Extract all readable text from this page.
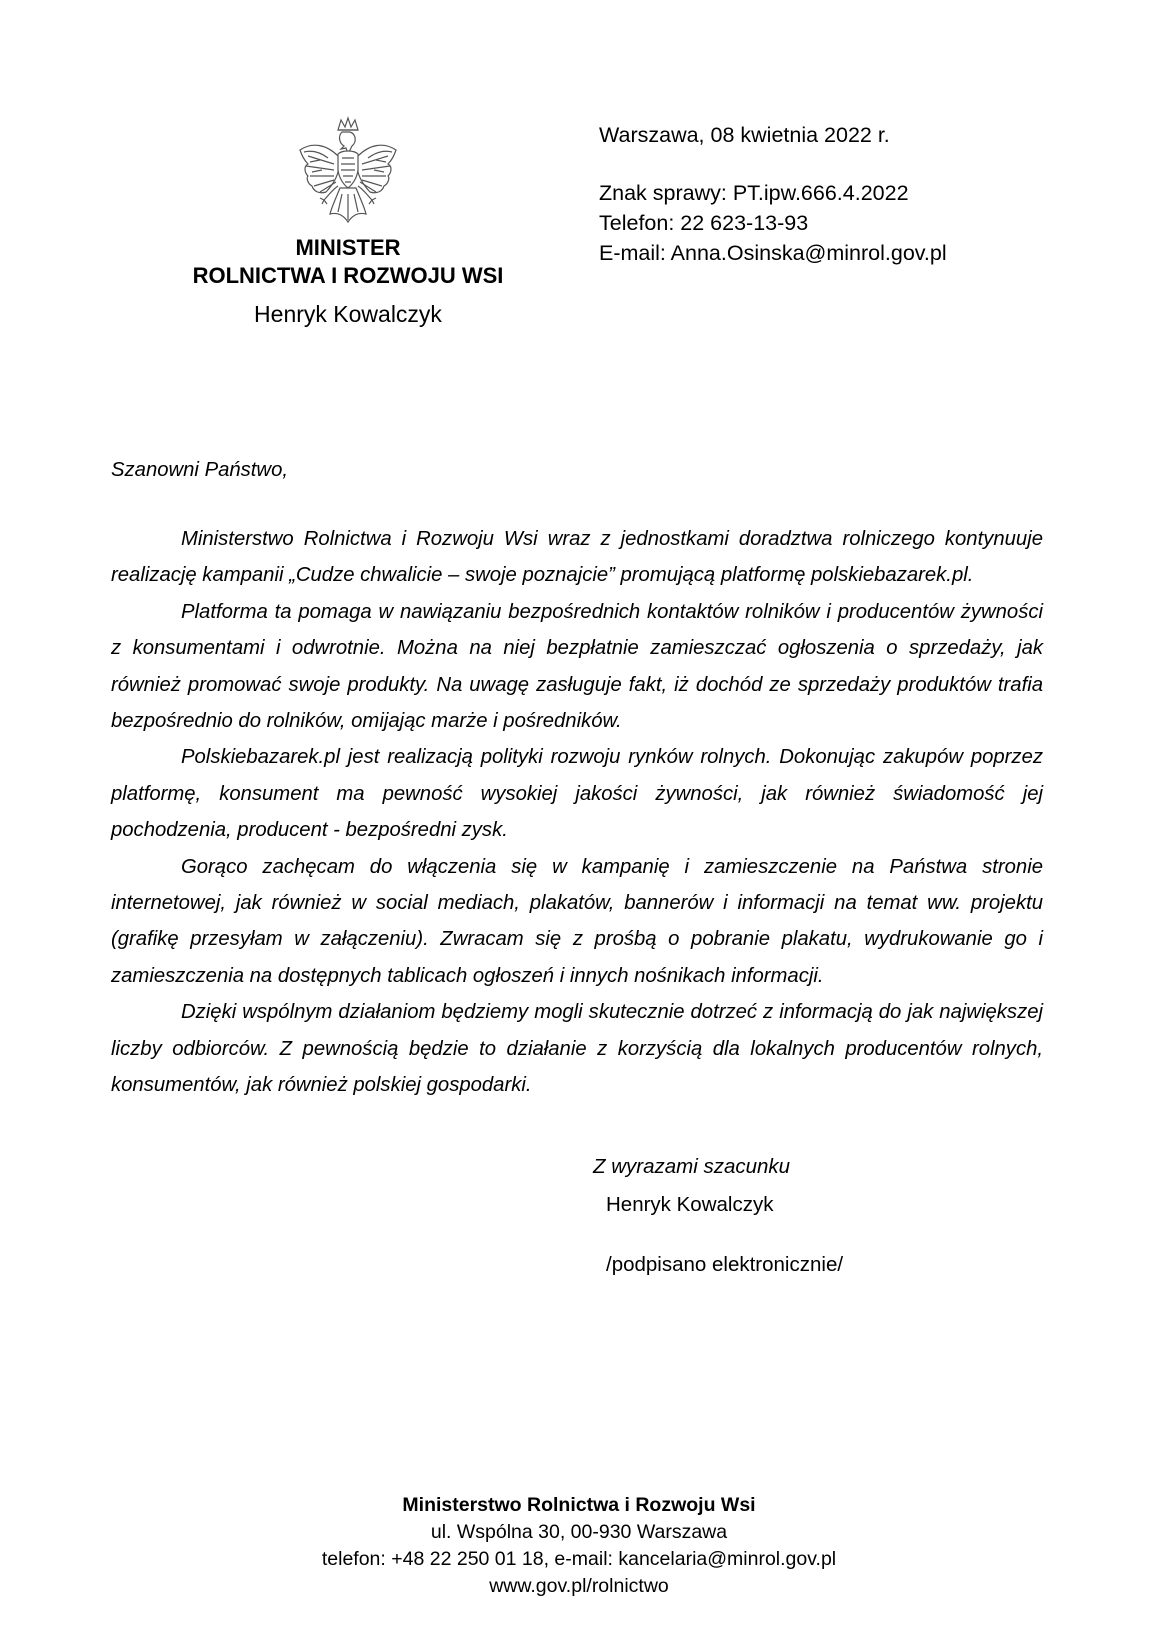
MINISTER
ROLNICTWA I ROZWOJU WSI
Henryk Kowalczyk
Warszawa, 08 kwietnia 2022 r.
Znak sprawy: PT.ipw.666.4.2022
Telefon: 22 623-13-93
E-mail: Anna.Osinska@minrol.gov.pl
Szanowni Państwo,

Ministerstwo Rolnictwa i Rozwoju Wsi wraz z jednostkami doradztwa rolniczego kontynuuje realizację kampanii „Cudze chwalicie – swoje poznajcie” promującą platformę polskiebazarek.pl.

Platforma ta pomaga w nawiązaniu bezpośrednich kontaktów rolników i producentów żywności z konsumentami i odwrotnie. Można na niej bezpłatnie zamieszczać ogłoszenia o sprzedaży, jak również promować swoje produkty. Na uwagę zasługuje fakt, iż dochód ze sprzedaży produktów trafia bezpośrednio do rolników, omijając marże i pośredników.

Polskiebazarek.pl jest realizacją polityki rozwoju rynków rolnych. Dokonując zakupów poprzez platformę, konsument ma pewność wysokiej jakości żywności, jak również świadomość jej pochodzenia, producent - bezpośredni zysk.

Gorąco zachęcam do włączenia się w kampanię i zamieszczenie na Państwa stronie internetowej, jak również w social mediach, plakatów, bannerów i informacji na temat ww. projektu (grafikę przesyłam w załączeniu). Zwracam się z prośbą o pobranie plakatu, wydrukowanie go i zamieszczenia na dostępnych tablicach ogłoszeń i innych nośnikach informacji.

Dzięki wspólnym działaniom będziemy mogli skutecznie dotrzeć z informacją do jak największej liczby odbiorców. Z pewnością będzie to działanie z korzyścią dla lokalnych producentów rolnych, konsumentów, jak również polskiej gospodarki.

Z wyrazami szacunku
Henryk Kowalczyk
/podpisano elektronicznie/
Ministerstwo Rolnictwa i Rozwoju Wsi
ul. Wspólna 30, 00-930 Warszawa
telefon: +48 22 250 01 18, e-mail: kancelaria@minrol.gov.pl
www.gov.pl/rolnictwo
